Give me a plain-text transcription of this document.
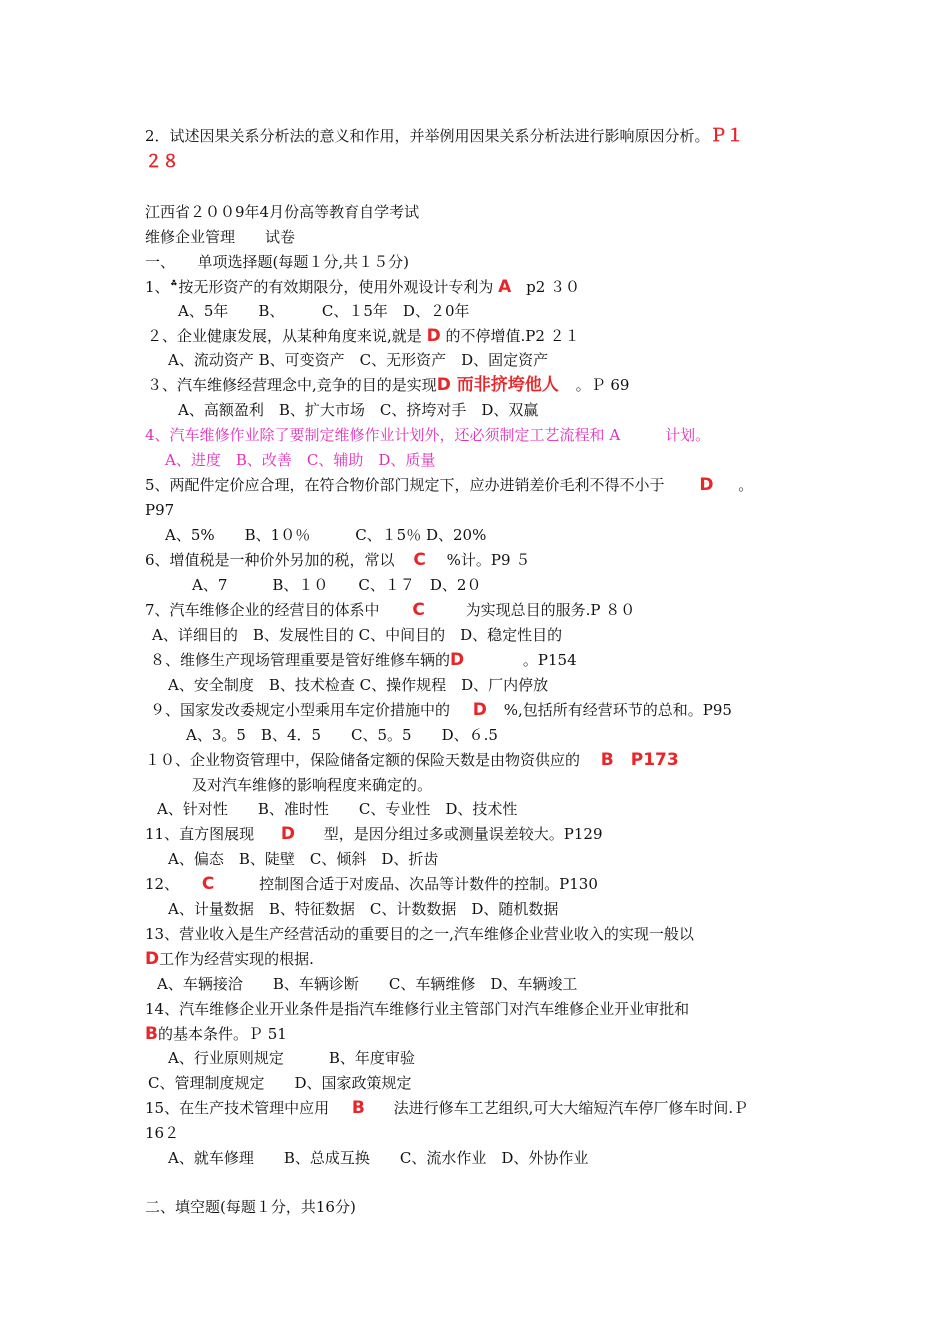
2．试述因果关系分析法的意义和作用，并举例用因果关系分析法进行影响原因分析。Ｐ１
２８
江西省２００9年4月份高等教育自学考试
维修企业管理　　试卷
一、　　单项选择题(每题１分,共１５分)
1、؞按无形资产的有效期限分，使用外观设计专利为 A p2 ３０
A、5年　　B、　　　C、１5年　D、２0年
２、企业健康发展，从某种角度来说,就是 D 的不停增值.P2 ２１
A、流动资产 B、可变资产　C、无形资产　D、固定资产
３、汽车维修经营理念中,竞争的目的是实现D 而非挤垮他人 。Ｐ 69
A、高额盈利　B、扩大市场　C、挤垮对手　D、双赢
4、汽车维修作业除了要制定维修作业计划外，还必须制定工艺流程和 A　　　计划。
A、进度　B、改善　C、辅助　D、质量
5、两配件定价应合理，在符合物价部门规定下，应办进销差价毛利不得不小于 D 。
P97
A、5%　　B、1０％　　　C、１5％ D、20%
6、增值税是一种价外另加的税，常以 C %计。P9 ５
A、7　　　B、１０　　C、１７　D、2０
7、汽车维修企业的经营目的体系中 C	为实现总目的服务.P ８０
A、详细目的　B、发展性目的 C、中间目的　D、稳定性目的
８、维修生产现场管理重要是管好维修车辆的D	。P154
A、安全制度　B、技术检查 C、操作规程　D、厂内停放
９、国家发改委规定小型乘用车定价措施中的 D %,包括所有经营环节的总和。P95
A、3。5　B、4．5　　C、5。5　　D、６.5
１０、企业物资管理中，保险储备定额的保险天数是由物资供应的 B　P173
及对汽车维修的影响程度来确定的。
A、针对性　　B、准时性　　C、专业性　D、技术性
11、直方图展现 D 型，是因分组过多或测量误差较大。P129
A、偏态　B、陡壁　C、倾斜　D、折齿
12、 C	控制图合适于对废品、次品等计数件的控制。P130
A、计量数据　B、特征数据　C、计数数据　D、随机数据
13、营业收入是生产经营活动的重要目的之一,汽车维修企业营业收入的实现一般以
D工作为经营实现的根据.
A、车辆接洽　　B、车辆诊断　　C、车辆维修　D、车辆竣工
14、汽车维修企业开业条件是指汽车维修行业主管部门对汽车维修企业开业审批和
B的基本条件。Ｐ 51
A、行业原则规定　　　B、年度审验
C、管理制度规定　　D、国家政策规定
15、在生产技术管理中应用 B 法进行修车工艺组织,可大大缩短汽车停厂修车时间.Ｐ
16２
A、就车修理　　B、总成互换　　C、流水作业　D、外协作业
二、填空题(每题１分，共16分)
